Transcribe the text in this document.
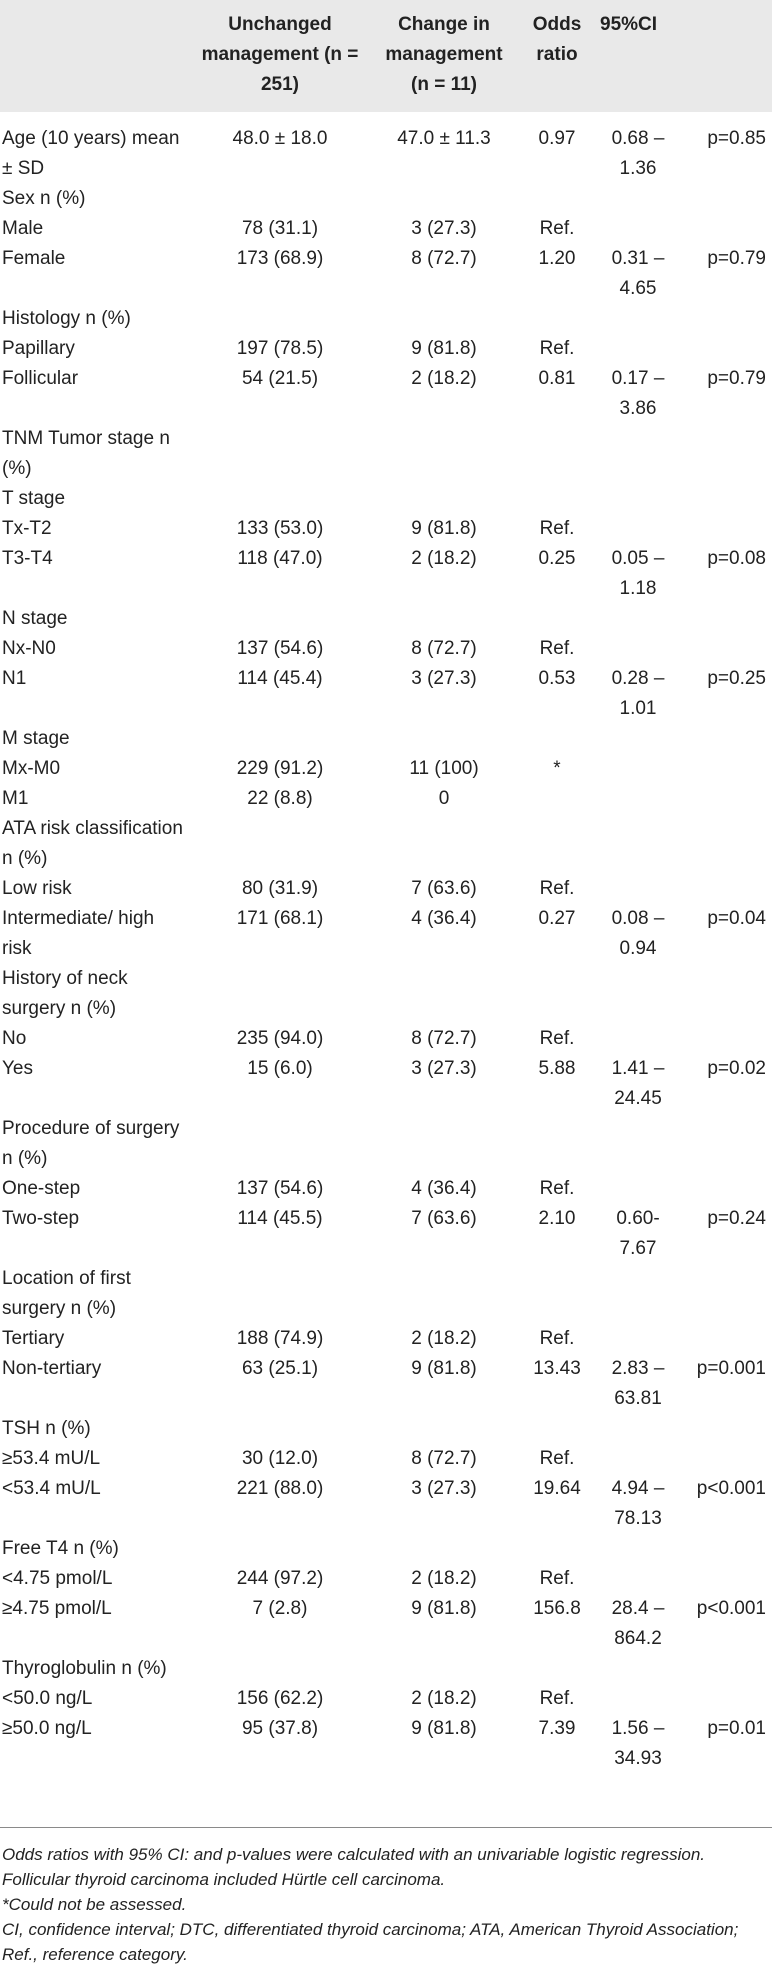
	Unchanged management (n = 251)	Change in management (n = 11)	Odds ratio	95%CI	
Age (10 years) mean ± SD	48.0 ± 18.0	47.0 ± 11.3	0.97	0.68 – 1.36	p=0.85
Sex n (%)					
Male	78 (31.1)	3 (27.3)	Ref.		
Female	173 (68.9)	8 (72.7)	1.20	0.31 – 4.65	p=0.79
Histology n (%)					
Papillary	197 (78.5)	9 (81.8)	Ref.		
Follicular	54 (21.5)	2 (18.2)	0.81	0.17 – 3.86	p=0.79
TNM Tumor stage n (%)					
T stage					
Tx-T2	133 (53.0)	9 (81.8)	Ref.		
T3-T4	118 (47.0)	2 (18.2)	0.25	0.05 – 1.18	p=0.08
N stage					
Nx-N0	137 (54.6)	8 (72.7)	Ref.		
N1	114 (45.4)	3 (27.3)	0.53	0.28 – 1.01	p=0.25
M stage					
Mx-M0	229 (91.2)	11 (100)	*		
M1	22 (8.8)	0			
ATA risk classification n (%)					
Low risk	80 (31.9)	7 (63.6)	Ref.		
Intermediate/ high risk	171 (68.1)	4 (36.4)	0.27	0.08 – 0.94	p=0.04
History of neck surgery n (%)					
No	235 (94.0)	8 (72.7)	Ref.		
Yes	15 (6.0)	3 (27.3)	5.88	1.41 – 24.45	p=0.02
Procedure of surgery n (%)					
One-step	137 (54.6)	4 (36.4)	Ref.		
Two-step	114 (45.5)	7 (63.6)	2.10	0.60- 7.67	p=0.24
Location of first surgery n (%)					
Tertiary	188 (74.9)	2 (18.2)	Ref.		
Non-tertiary	63 (25.1)	9 (81.8)	13.43	2.83 – 63.81	p=0.001
TSH n (%)					
≥53.4 mU/L	30 (12.0)	8 (72.7)	Ref.		
<53.4 mU/L	221 (88.0)	3 (27.3)	19.64	4.94 – 78.13	p<0.001
Free T4 n (%)					
<4.75 pmol/L	244 (97.2)	2 (18.2)	Ref.		
≥4.75 pmol/L	7 (2.8)	9 (81.8)	156.8	28.4 – 864.2	p<0.001
Thyroglobulin n (%)					
<50.0 ng/L	156 (62.2)	2 (18.2)	Ref.		
≥50.0 ng/L	95 (37.8)	9 (81.8)	7.39	1.56 – 34.93	p=0.01
Odds ratios with 95% CI: and p-values were calculated with an univariable logistic regression. Follicular thyroid carcinoma included Hürtle cell carcinoma.
*Could not be assessed.
CI, confidence interval; DTC, differentiated thyroid carcinoma; ATA, American Thyroid Association; Ref., reference category.
